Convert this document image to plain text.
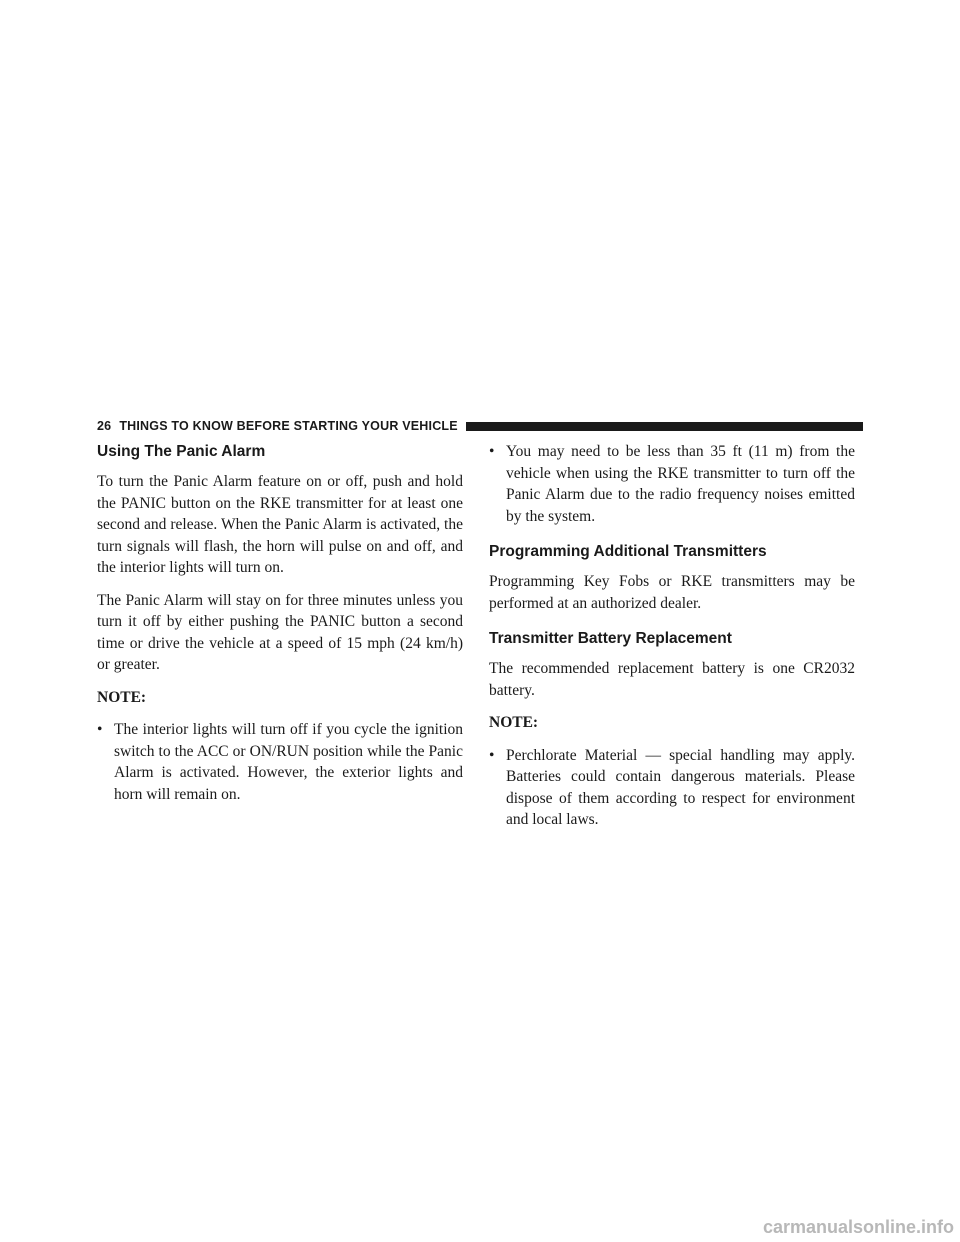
26 THINGS TO KNOW BEFORE STARTING YOUR VEHICLE
Using The Panic Alarm

To turn the Panic Alarm feature on or off, push and hold the PANIC button on the RKE transmitter for at least one second and release. When the Panic Alarm is activated, the turn signals will flash, the horn will pulse on and off, and the interior lights will turn on.

The Panic Alarm will stay on for three minutes unless you turn it off by either pushing the PANIC button a second time or drive the vehicle at a speed of 15 mph (24 km/h) or greater.

NOTE:
• The interior lights will turn off if you cycle the ignition switch to the ACC or ON/RUN position while the Panic Alarm is activated. However, the exterior lights and horn will remain on.
• You may need to be less than 35 ft (11 m) from the vehicle when using the RKE transmitter to turn off the Panic Alarm due to the radio frequency noises emitted by the system.
Programming Additional Transmitters

Programming Key Fobs or RKE transmitters may be performed at an authorized dealer.

Transmitter Battery Replacement

The recommended replacement battery is one CR2032 battery.

NOTE:
• Perchlorate Material — special handling may apply. Batteries could contain dangerous materials. Please dispose of them according to respect for environment and local laws.
carmanualsonline.info
